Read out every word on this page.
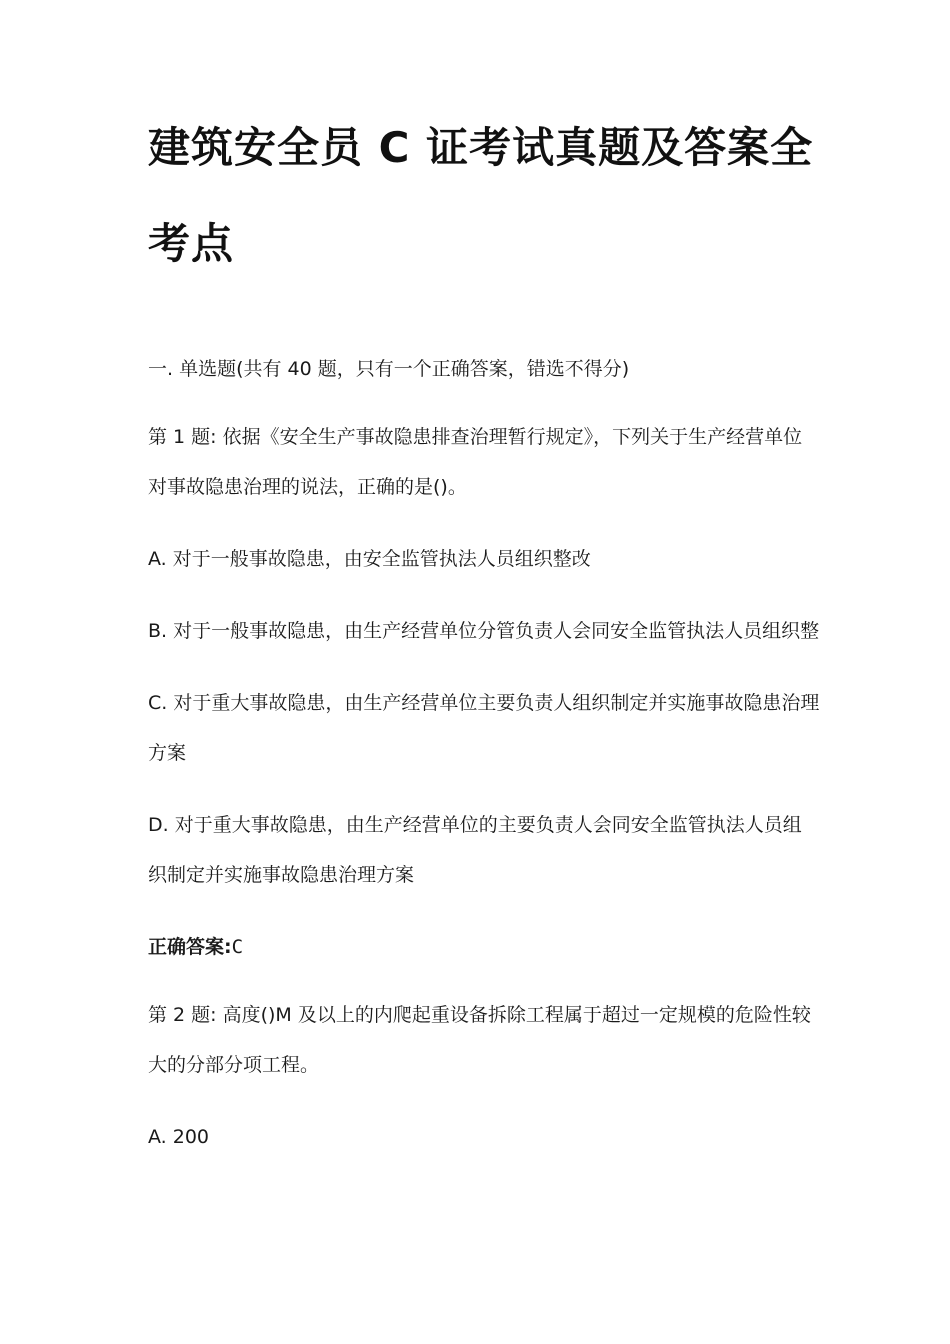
建筑安全员 C 证考试真题及答案全
考点

一. 单选题(共有 40 题，只有一个正确答案，错选不得分)

第 1 题: 依据《安全生产事故隐患排查治理暂行规定》，下列关于生产经营单位对事故隐患治理的说法，正确的是()。

A. 对于一般事故隐患，由安全监管执法人员组织整改

B. 对于一般事故隐患，由生产经营单位分管负责人会同安全监管执法人员组织整

C. 对于重大事故隐患，由生产经营单位主要负责人组织制定并实施事故隐患治理方案

D. 对于重大事故隐患，由生产经营单位的主要负责人会同安全监管执法人员组织制定并实施事故隐患治理方案

正确答案:C

第 2 题: 高度()M 及以上的内爬起重设备拆除工程属于超过一定规模的危险性较大的分部分项工程。

A. 200
